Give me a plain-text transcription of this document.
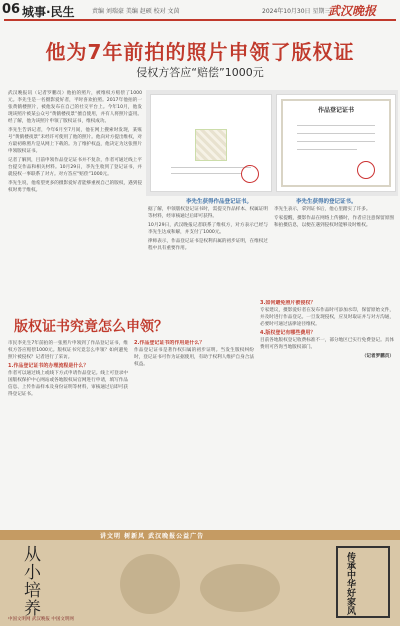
06 城事·民生	责编 刘瑞豪 美编 赵硕 校对 文茵	2024年10月30日 星期三
武汉晚报
他为7年前拍的照片申领了版权证
侵权方答应“赔偿”1000元

武汉晚报讯（记者罗鹏员）他拍的照片，被维权方赔偿了1000元。李先生是一名摄影爱好者，平时喜欢拍照。2017年他拍的一张黄鹤楼照片，被他发布在自己的社交平台上。今年10月，他发现该照片被某公众号“黄鹤楼夜景”擅自使用，并有人将照片盗用。经了解，他为该照片申领了版权证书，维权成功。

李先生告诉记者，今年6月至7月间，他在网上搜索时发现，某账号“黄鹤楼夜景”未经许可使用了他的照片。他向对方提出维权，对方最初称照片是从网上下载的。为了维护权益，他决定为这张照片申领版权证书。

记者了解到，目前申领作品登记证书并不复杂，作者可通过线上平台提交作品和相关材料。10月29日，李先生收到了登记证书，并就侵权一事联系了对方。对方答应“赔偿”1000元。

李先生说，他希望更多的摄影爱好者能够重视自己的版权，遇到侵权时勇于维权。

作品登记证书
李先生获得作品登记证书。	李先生获得的登记证书。

据了解，申领版权登记证书时，需提交作品样本、权属证明等材料，经审核通过后即可获得。

10月29日，武汉晚报记者联系了维权方，对方表示已经与李先生达成和解，并支付了1000元。

律师表示，作品登记证书是权利归属的初步证明，在维权过程中具有重要作用。

李先生表示，拿到证书后，他心里踏实了许多。

专家提醒，摄影作品在网络上传播时，作者应注意保留原图和拍摄信息，以便在遇到侵权时能够及时维权。

版权证书究竟怎么申领？

市民李先生7年前拍的一张照片申领到了作品登记证书，维权方答应赔偿1000元。版权证书究竟怎么申领？如何避免照片被侵权？记者进行了采访。

1.作品登记证书的办理流程是什么？

作者可以通过线上或线下方式申请作品登记。线上可登录中国版权保护中心网站或各地版权局官网进行申请，填写作品信息、上传作品样本及身份证明等材料，审核通过后即可获得登记证书。

2.作品登记证书的作用是什么？

作品登记证书是著作权归属的初步证明。当发生版权纠纷时，登记证书可作为证据使用，有助于权利人维护自身合法权益。

3.如何避免照片被侵权？

专家建议，摄影爱好者在发布作品时可添加水印，保留原始文件，并及时进行作品登记。一旦发现侵权，应及时取证并与对方沟通，必要时可通过法律途径维权。

4.版权登记有哪些费用？

目前各地版权登记收费标准不一，部分地区已实行免费登记。具体费用可咨询当地版权部门。

（记者罗鹏员）

讲文明 树新风 武汉晚报公益广告
从
小
培
养	传承中华好家风
中国文明网 武汉晚报 中国文明网
